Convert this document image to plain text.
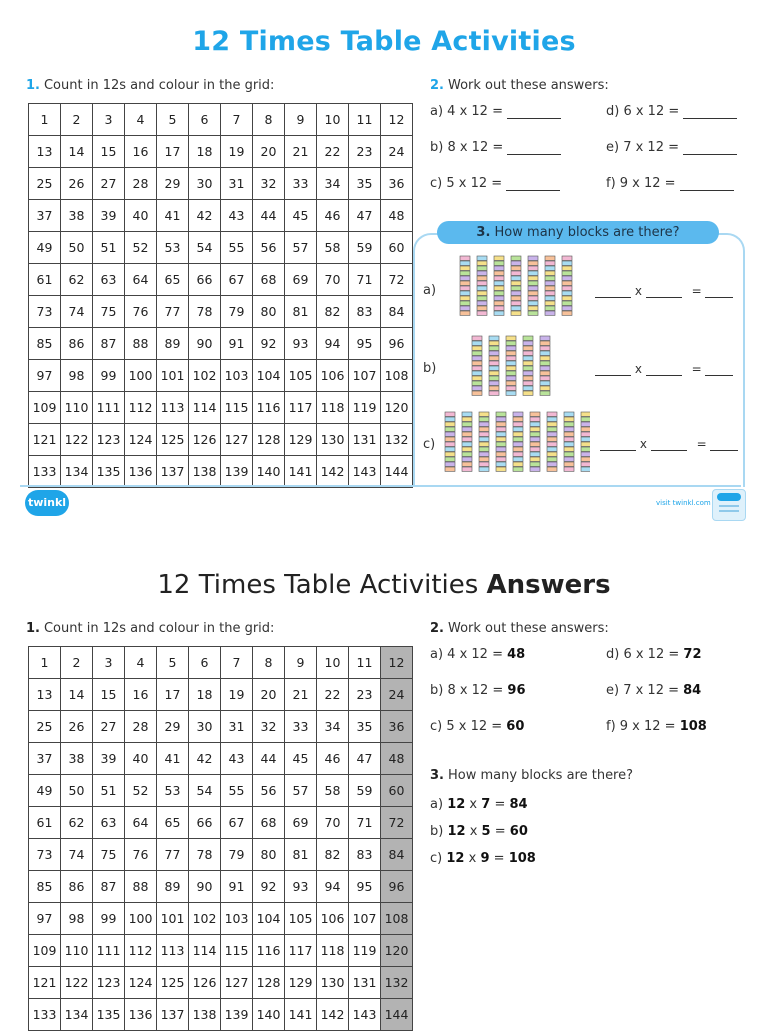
12 Times Table Activities
1. Count in 12s and colour in the grid:
1	2	3	4	5	6	7	8	9	10	11	12
13	14	15	16	17	18	19	20	21	22	23	24
25	26	27	28	29	30	31	32	33	34	35	36
37	38	39	40	41	42	43	44	45	46	47	48
49	50	51	52	53	54	55	56	57	58	59	60
61	62	63	64	65	66	67	68	69	70	71	72
73	74	75	76	77	78	79	80	81	82	83	84
85	86	87	88	89	90	91	92	93	94	95	96
97	98	99	100	101	102	103	104	105	106	107	108
109	110	111	112	113	114	115	116	117	118	119	120
121	122	123	124	125	126	127	128	129	130	131	132
133	134	135	136	137	138	139	140	141	142	143	144
2. Work out these answers:
a) 4 x 12 =	d) 6 x 12 =
b) 8 x 12 =	e) 7 x 12 =
c) 5 x 12 =	f) 9 x 12 =
3. How many blocks are there?
a)
b)
c)
x	=
x	=
x	=
twinkl	visit twinkl.com
12 Times Table Activities Answers
1. Count in 12s and colour in the grid:
1	2	3	4	5	6	7	8	9	10	11	12
13	14	15	16	17	18	19	20	21	22	23	24
25	26	27	28	29	30	31	32	33	34	35	36
37	38	39	40	41	42	43	44	45	46	47	48
49	50	51	52	53	54	55	56	57	58	59	60
61	62	63	64	65	66	67	68	69	70	71	72
73	74	75	76	77	78	79	80	81	82	83	84
85	86	87	88	89	90	91	92	93	94	95	96
97	98	99	100	101	102	103	104	105	106	107	108
109	110	111	112	113	114	115	116	117	118	119	120
121	122	123	124	125	126	127	128	129	130	131	132
133	134	135	136	137	138	139	140	141	142	143	144
2. Work out these answers:
a) 4 x 12 = 48	d) 6 x 12 = 72
b) 8 x 12 = 96	e) 7 x 12 = 84
c) 5 x 12 = 60	f) 9 x 12 = 108
3. How many blocks are there?
a) 12 x 7 = 84
b) 12 x 5 = 60
c) 12 x 9 = 108
